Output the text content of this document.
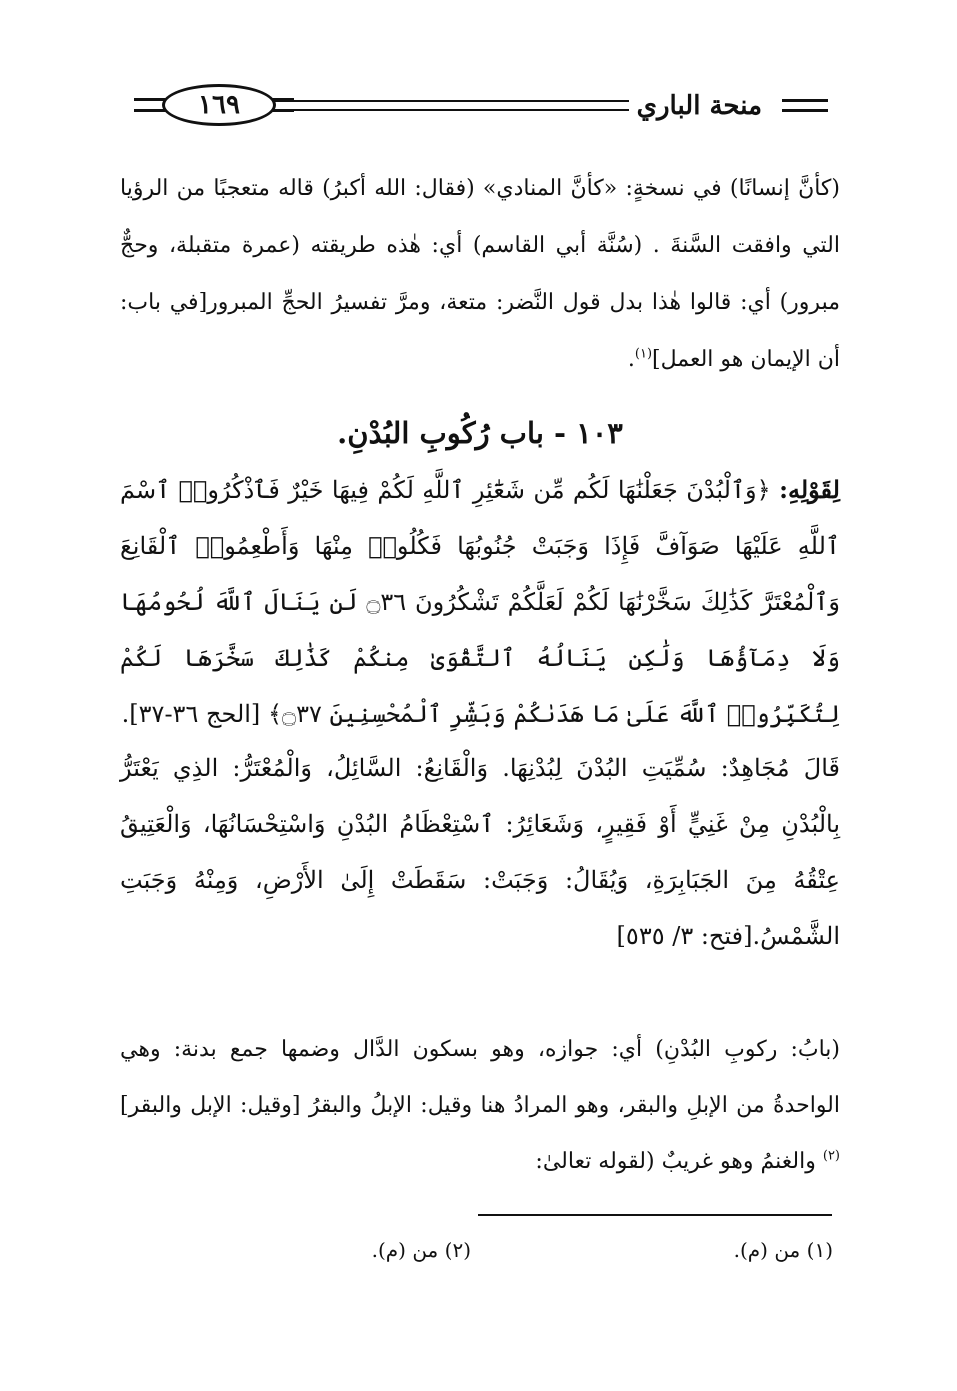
١٦٩	منحة الباري
(كأنَّ إنسانًا) في نسخةٍ: «كأنَّ المنادي» (فقال: الله أكبرُ) قاله متعجبًا من الرؤيا التي وافقت السَّنةَ . (سُنَّة أبي القاسم) أي: هٰذه طريقته (عمرة متقبلة، وحجٌّ مبرور) أي: قالوا هٰذا بدل قول النَّضر: متعة، ومرَّ تفسيرُ الحجِّ المبرور[في باب: أن الإيمان هو العمل]$^{(١)}$.
١٠٣ - باب رُكُوبِ البُدْنِ.
لِقَوْلِهِ: ﴿وَٱلْبُدْنَ جَعَلْنَٰهَا لَكُم مِّن شَعَٰٓئِرِ ٱللَّهِ لَكُمْ فِيهَا خَيْرٌ فَٱذْكُرُوا۟ ٱسْمَ ٱللَّهِ عَلَيْهَا صَوَآفَّ فَإِذَا وَجَبَتْ جُنُوبُهَا فَكُلُوا۟ مِنْهَا وَأَطْعِمُوا۟ ٱلْقَانِعَ وَٱلْمُعْتَرَّ كَذَٰلِكَ سَخَّرْنَٰهَا لَكُمْ لَعَلَّكُمْ تَشْكُرُونَ ۝٣٦ لَن يَنَالَ ٱللَّهَ لُحُومُهَا وَلَا دِمَآؤُهَا وَلَٰكِن يَنَالُهُ ٱلتَّقْوَىٰ مِنكُمْ كَذَٰلِكَ سَخَّرَهَا لَكُمْ لِتُكَبِّرُوا۟ ٱللَّهَ عَلَىٰ مَا هَدَىٰكُمْ وَبَشِّرِ ٱلْمُحْسِنِينَ ۝٣٧﴾ [الحج ٣٦-٣٧].
قَالَ مُجَاهِدٌ: سُمِّيَتِ البُدْنَ لِبُدْنِهَا. وَالْقَانِعُ: السَّائِلُ، وَالْمُعْتَرُّ: الذِي يَعْتَرُّ بِالْبُدْنِ مِنْ غَنِيٍّ أَوْ فَقِيرٍ، وَشَعَائِرُ: ٱسْتِعْظَامُ البُدْنِ وَاسْتِحْسَانُهَا، وَالْعَتِيقُ عِتْقُهُ مِنَ الجَبَابِرَةِ، وَيُقَالُ: وَجَبَتْ: سَقَطَتْ إِلَىٰ الأَرْضِ، وَمِنْهُ وَجَبَتِ الشَّمْسُ.[فتح: ٣/ ٥٣٥]
(بابُ: ركوبِ البُدْنِ) أي: جوازه، وهو بسكون الدَّال وضمها جمع بدنة: وهي الواحدةُ من الإبلِ والبقر، وهو المرادُ هنا وقيل: الإبلُ والبقرُ [وقيل: الإبل والبقر]$^{(٢)}$ والغنمُ وهو غريبٌ (لقوله تعالىٰ:
(١) من (م).
(٢) من (م).
